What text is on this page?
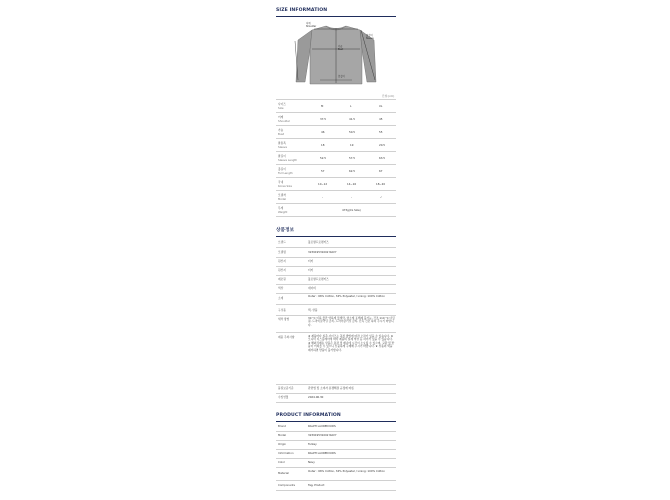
SIZE INFORMATION
어깨
Shoulder
가슴
Bust
팔길이
Sleeve
총길이
단위:(cm)
사이즈
Size	M	L	XL
어깨
Shoulder	37.5	41.5	45
가슴
Bust	46	50.5	55
팔통폭
Sleeve	18	19	20.5
팔길이
Sleeve Length	52.5	57.5	63.5
총길이
Full Length	57	62.5	67
국내
Korea Size	10~12	14~16	18~20
모델착
Model	-	-	✓
무게
Weight	473g(XL Size)
상품정보
브랜드	폴로랄프로렌키즈
모델명	323919531002 NAVY
원산지	터키
원산지	터키
제조원	폴로랄프로렌키즈
색상	네이비
소재	Outer : 66% Cotton, 34% Polyester / Lining: 100% Cotton
구성품	택, 상품
세탁 방법	30 °C 이하 물만 약하게 물세탁, 염소계 표백제 불가능, 건조 110 °C 다림질, 드라이클리닝 금지, 드라이클리닝 금지, 단독 건조 하여 주시기 바랍니다.
제품 주의사항	★ 제품마다 실측 사이즈는 측정 방법에 따라 오차가 있을 수 있습니다. ★ 모니터 디스플레이에 따라 제품의 실제 색상 등 차이가 있을 수 있습니다. ★ 해외직배송 상품은 통관 및 배송에 시간이 소요될 수 있으며, 교환 및 반품이 어려울 수 있으니 신중하게 구매해 주시기 바랍니다. ★ 상품의 택을 제거하면 반품이 불가합니다.
품질보증기준	관련법 및 소비자 분쟁해결 규정에 따름
수입연월	2024.06.30
PRODUCT INFORMATION
Brand	RALPH LAUREN KIDS
Model	323919531002 NAVY
Origin	Turkey
Information	RALPH LAUREN KIDS
Color	Navy
Material	Outer : 66% Cotton, 34% Polyester / Lining: 100% Cotton
Components	Tag, Product
